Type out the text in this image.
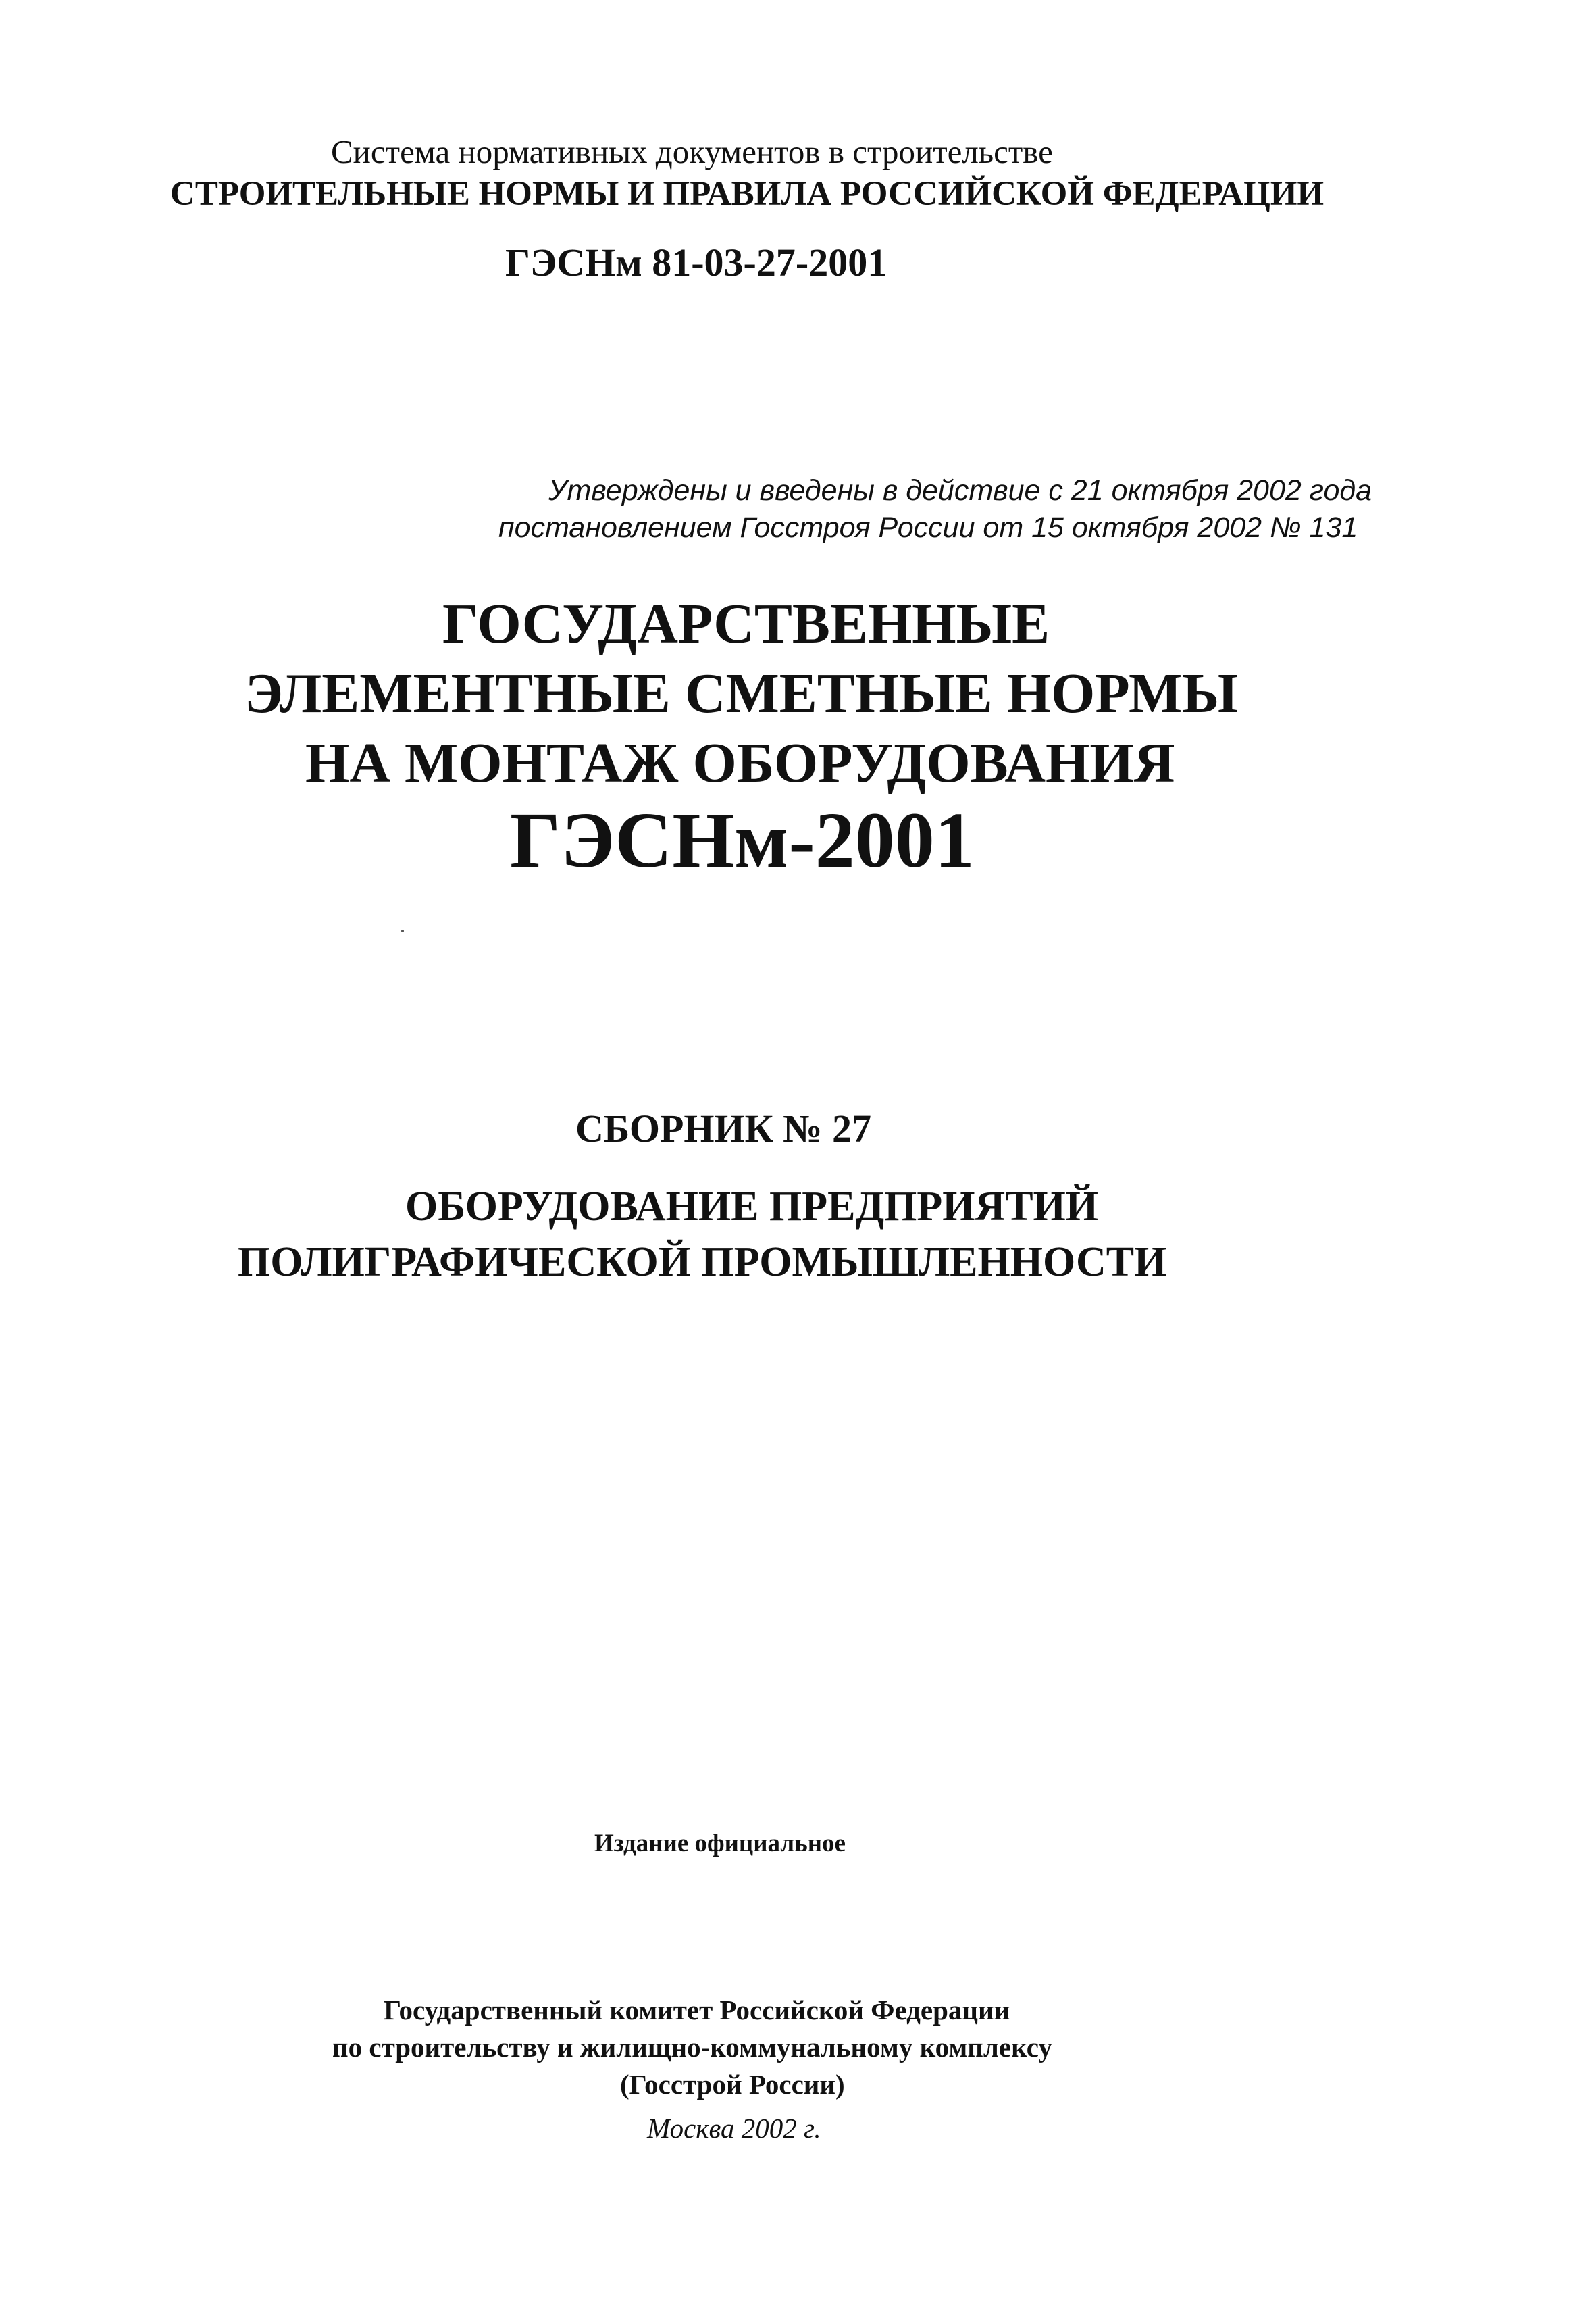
Система нормативных документов в строительстве
СТРОИТЕЛЬНЫЕ НОРМЫ И ПРАВИЛА РОССИЙСКОЙ ФЕДЕРАЦИИ
ГЭСНм 81-03-27-2001
Утверждены и введены в действие с 21 октября 2002 года
постановлением Госстроя России от 15 октября 2002 № 131
ГОСУДАРСТВЕННЫЕ
ЭЛЕМЕНТНЫЕ СМЕТНЫЕ НОРМЫ
НА МОНТАЖ ОБОРУДОВАНИЯ
ГЭСНм-2001
СБОРНИК № 27
ОБОРУДОВАНИЕ ПРЕДПРИЯТИЙ
ПОЛИГРАФИЧЕСКОЙ ПРОМЫШЛЕННОСТИ
Издание официальное
Государственный комитет Российской Федерации
по строительству и жилищно-коммунальному комплексу
(Госстрой России)
Москва 2002 г.
